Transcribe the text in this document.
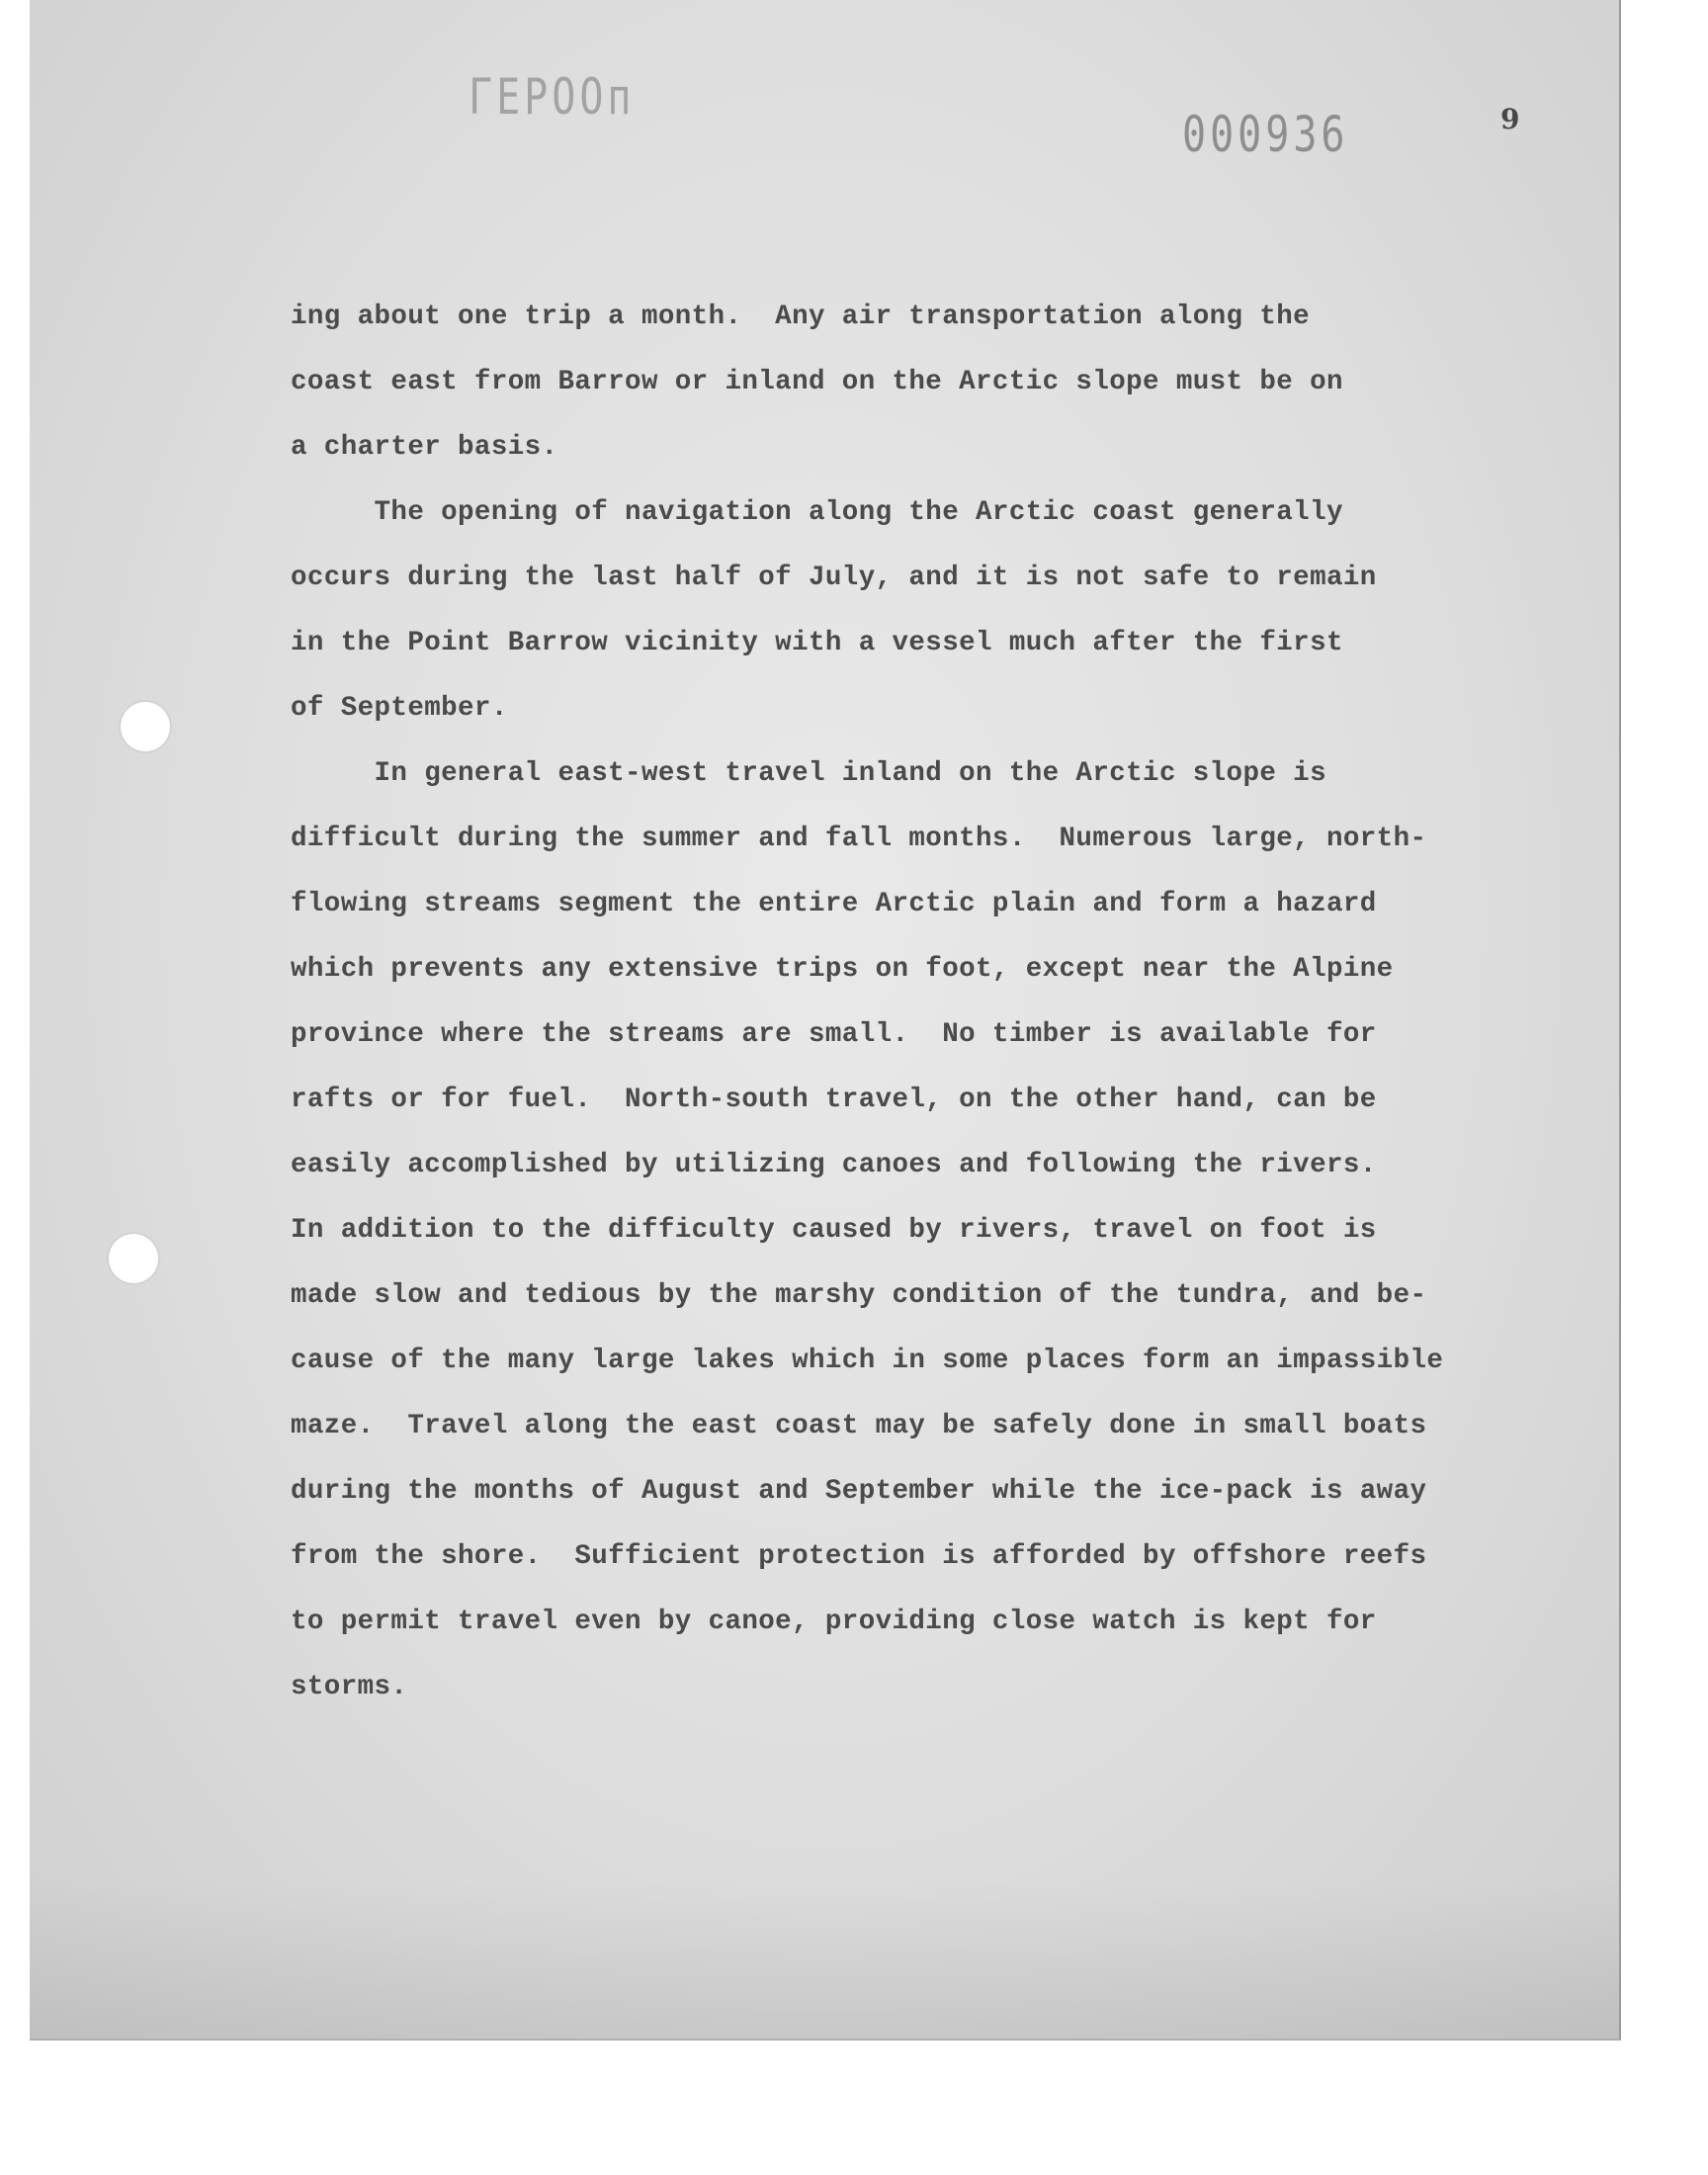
ГЕРООп
000936	9
ing about one trip a month.  Any air transportation along the
coast east from Barrow or inland on the Arctic slope must be on
a charter basis.
The opening of navigation along the Arctic coast generally
occurs during the last half of July, and it is not safe to remain
in the Point Barrow vicinity with a vessel much after the first
of September.
In general east-west travel inland on the Arctic slope is
difficult during the summer and fall months.  Numerous large, north-
flowing streams segment the entire Arctic plain and form a hazard
which prevents any extensive trips on foot, except near the Alpine
province where the streams are small.  No timber is available for
rafts or for fuel.  North-south travel, on the other hand, can be
easily accomplished by utilizing canoes and following the rivers.
In addition to the difficulty caused by rivers, travel on foot is
made slow and tedious by the marshy condition of the tundra, and be-
cause of the many large lakes which in some places form an impassible
maze.  Travel along the east coast may be safely done in small boats
during the months of August and September while the ice-pack is away
from the shore.  Sufficient protection is afforded by offshore reefs
to permit travel even by canoe, providing close watch is kept for
storms.
